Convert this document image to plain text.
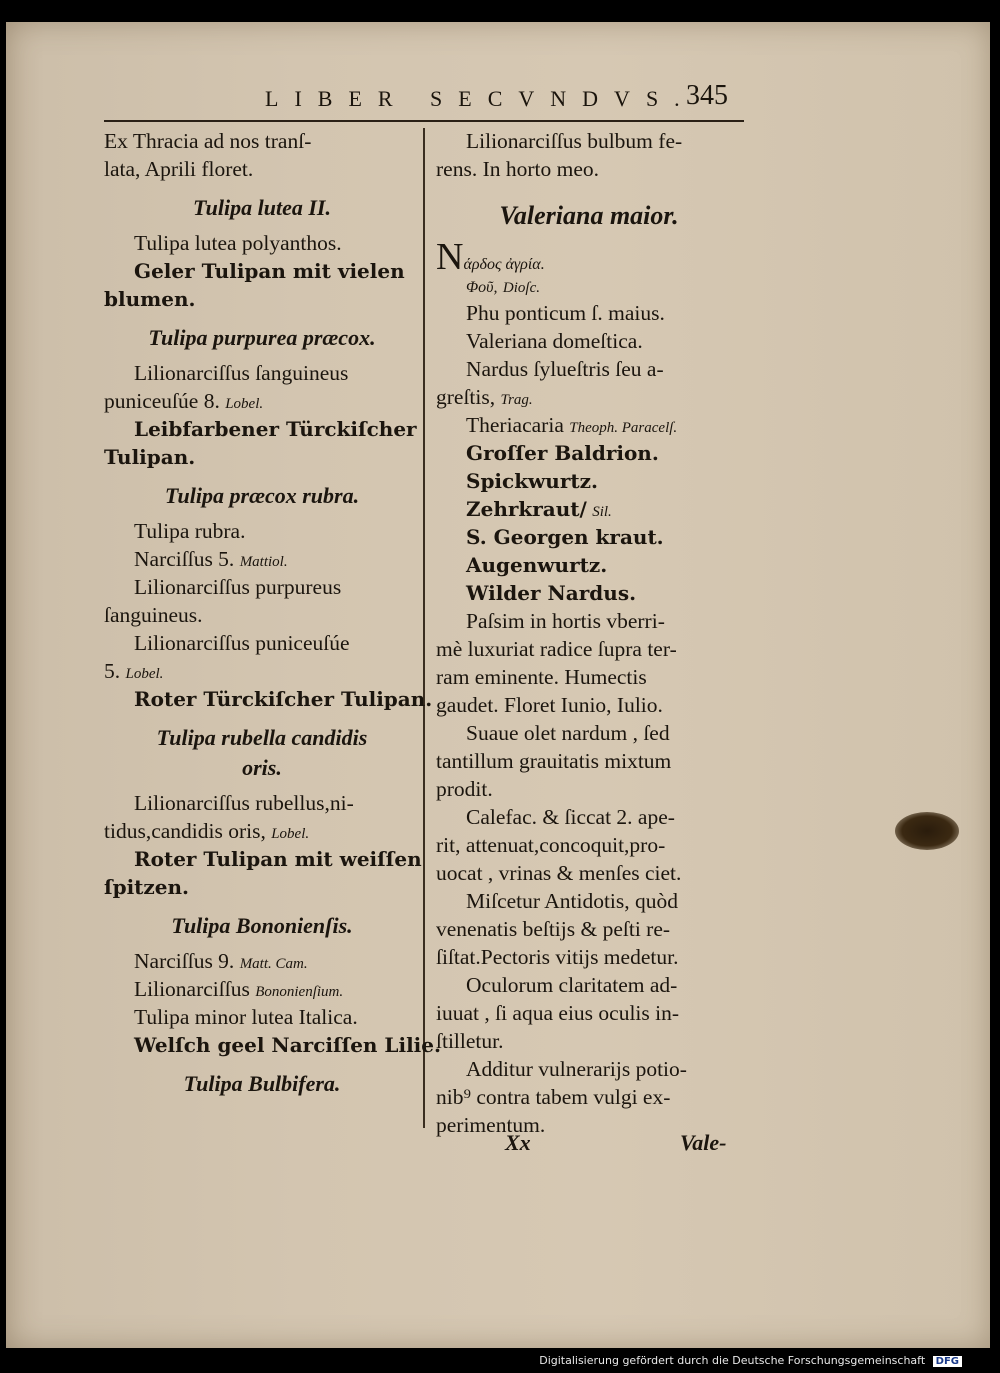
LIBER SECVNDVS.
345
Ex Thracia ad nos tranſ-
lata, Aprili floret.
Tulipa lutea II.
Tulipa lutea polyanthos.
Geler Tulipan mit vielen
blumen.
Tulipa purpurea præcox.
Lilionarciſſus ſanguineus
puniceuſúe 8. Lobel.
Leibfarbener Türckiſcher
Tulipan.
Tulipa præcox rubra.
Tulipa rubra.
Narciſſus 5. Mattiol.
Lilionarciſſus purpureus
ſanguineus.
Lilionarciſſus puniceuſúe
5. Lobel.
Roter Türckiſcher Tulipan.
Tulipa rubella candidis
oris.
Lilionarciſſus rubellus,ni-
tidus,candidis oris, Lobel.
Roter Tulipan mit weiſſen
ſpitzen.
Tulipa Bononienſis.
Narciſſus 9. Matt. Cam.
Lilionarciſſus Bononienſium.
Tulipa minor lutea Italica.
Welſch geel Narciſſen Lilie.
Tulipa Bulbifera.
Lilionarciſſus bulbum fe-
rens. In horto meo.
Valeriana maior.
Nάρδος ἀγρία.
Φοῦ, Dioſc.
Phu ponticum ſ. maius.
Valeriana domeſtica.
Nardus ſylueſtris ſeu a-
greſtis, Trag.
Theriacaria Theoph. Paracelſ.
Groſſer Baldrion.
Spickwurtz.
Zehrkraut/ Sil.
S. Georgen kraut.
Augenwurtz.
Wilder Nardus.
Paſsim in hortis vberri-
mè luxuriat radice ſupra ter-
ram eminente. Humectis
gaudet. Floret Iunio, Iulio.
Suaue olet nardum , ſed
tantillum grauitatis mixtum
prodit.
Calefac. & ſiccat 2. ape-
rit, attenuat,concoquit,pro-
uocat , vrinas & menſes ciet.
Miſcetur Antidotis, quòd
venenatis beſtijs & peſti re-
ſiſtat.Pectoris vitijs medetur.
Oculorum claritatem ad-
iuuat , ſi aqua eius oculis in-
ſtilletur.
Additur vulnerarijs potio-
nib⁹ contra tabem vulgi ex-
perimentum.
Xx	Vale-
Digitalisierung gefördert durch die Deutsche Forschungsgemeinschaft DFG
